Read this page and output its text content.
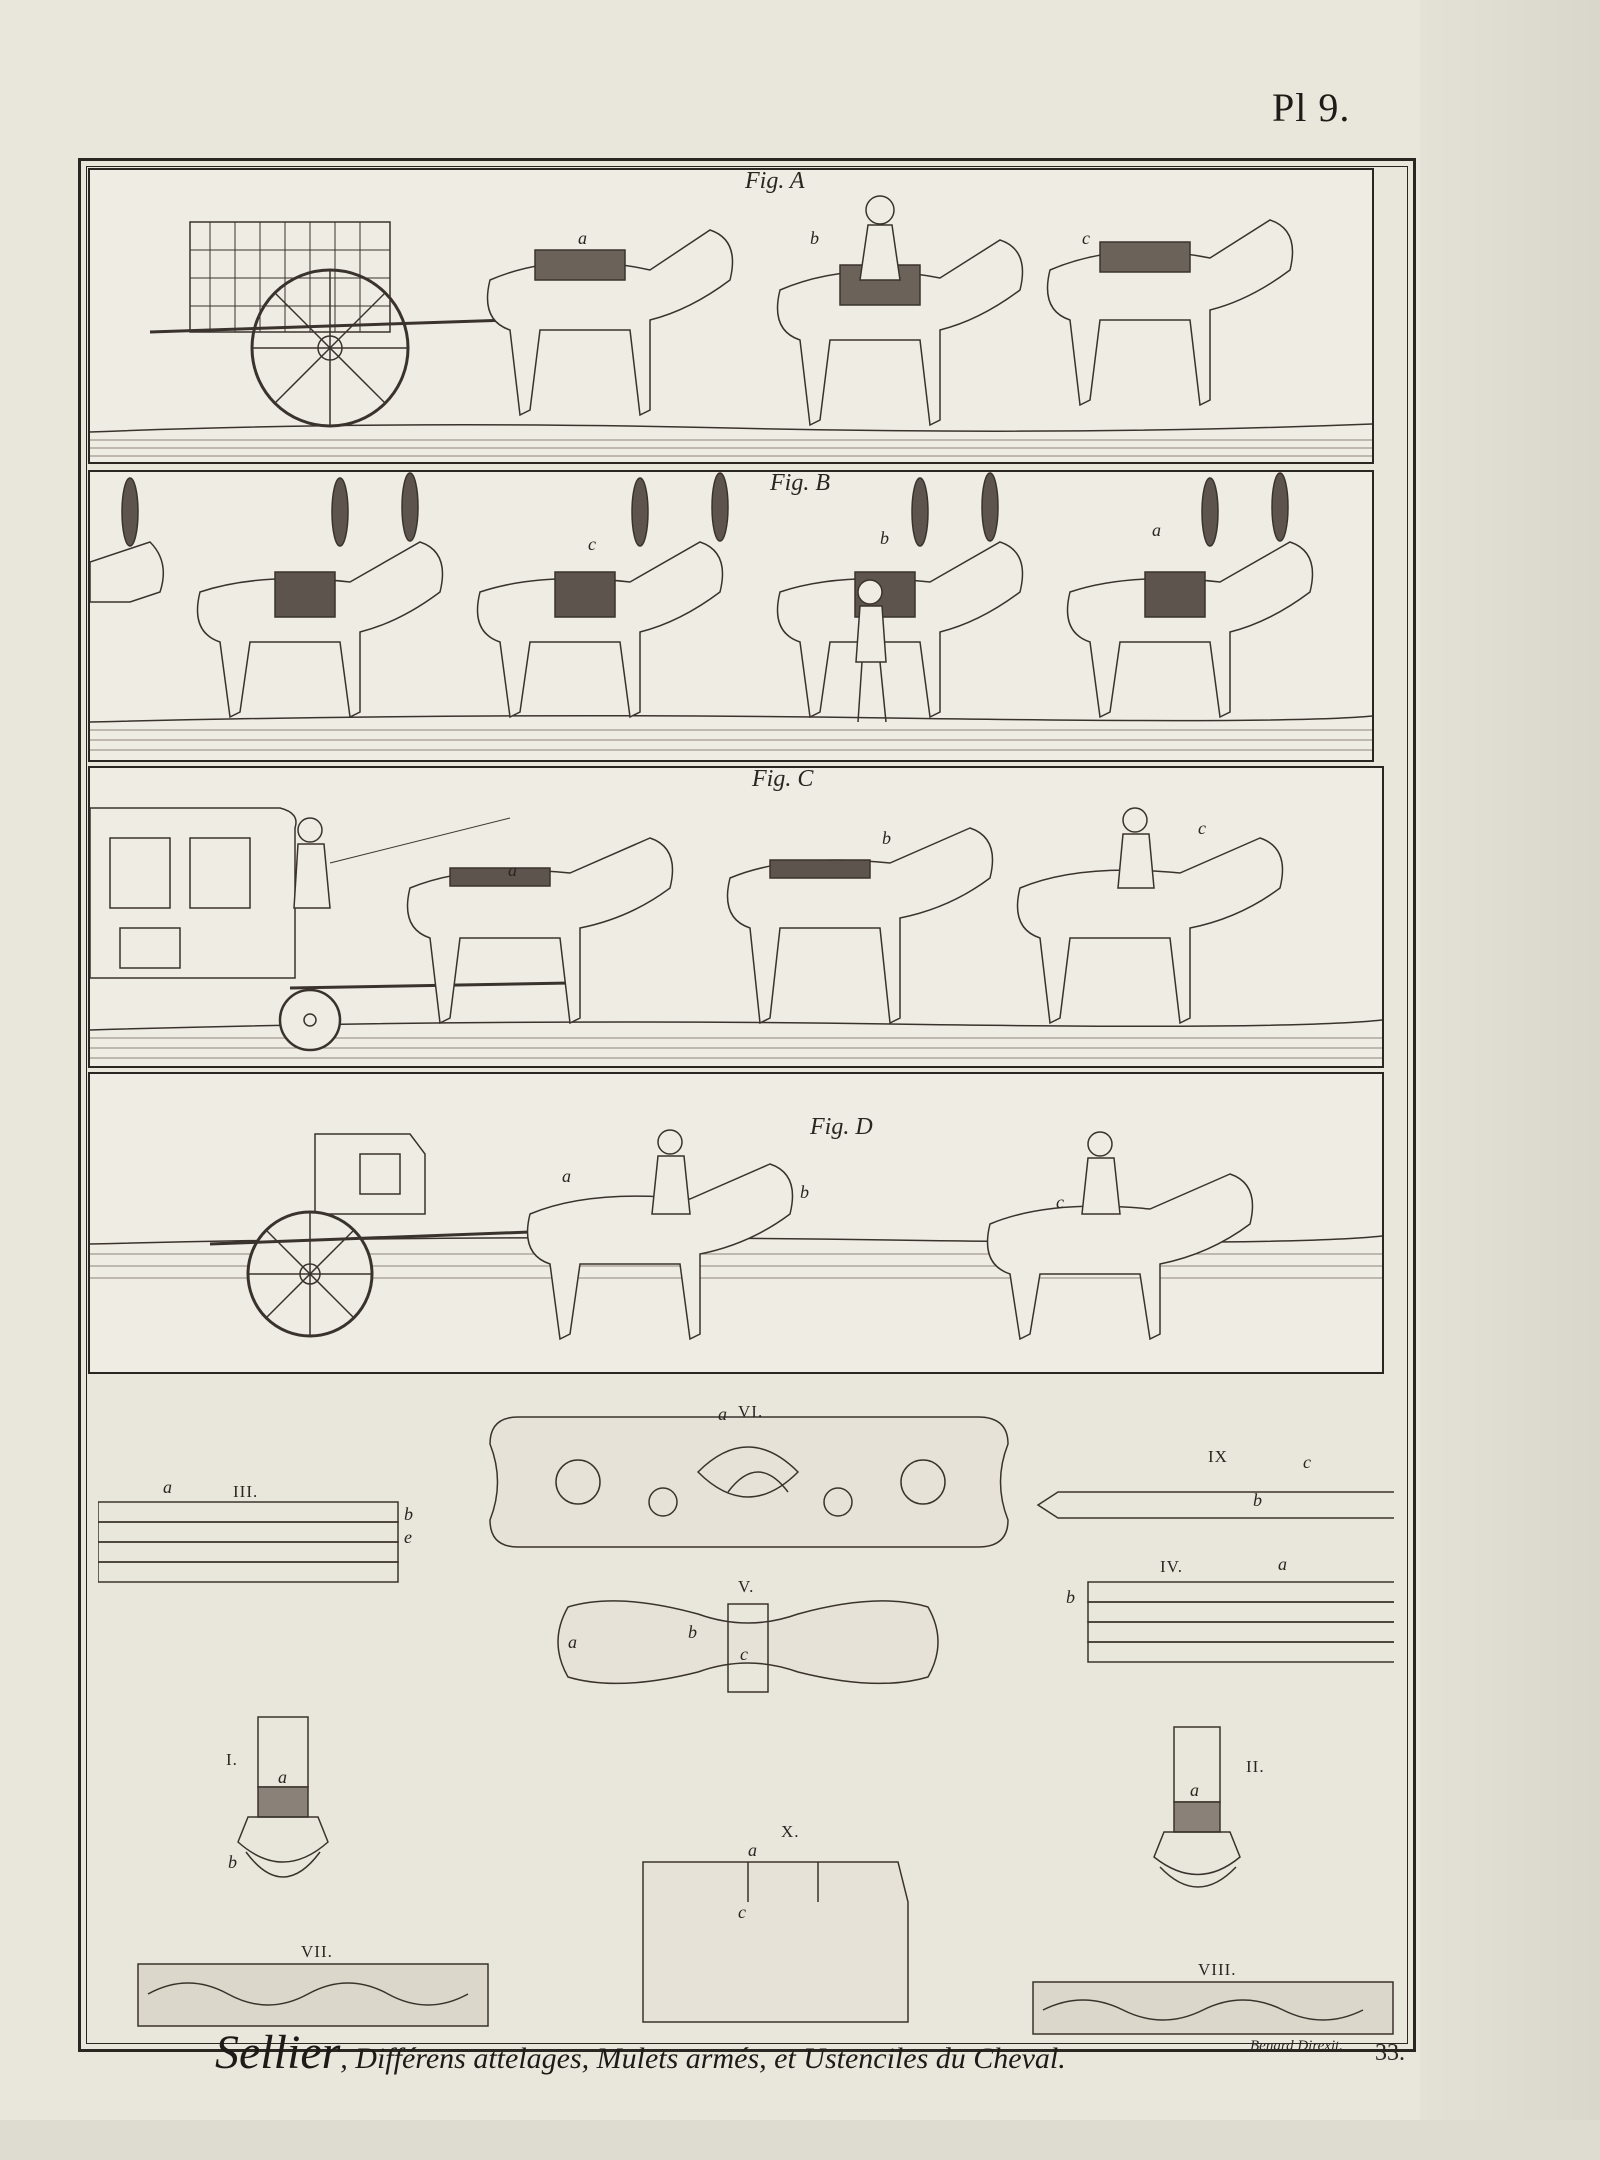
Pl 9.
Fig. A
a	b	c
Fig. B
c	b	a
Fig. C
a
b	c
Fig. D
a
b	c
VI.
III.
IX
IV.
V.
I.	II.
X.
VII.
VIII.
a
a
b
e
c
b
a
b
a	b
c
a
b
a
a
c
Sellier, Différens attelages, Mulets armés, et Ustenciles du Cheval.	Benard Direxit. 33.
